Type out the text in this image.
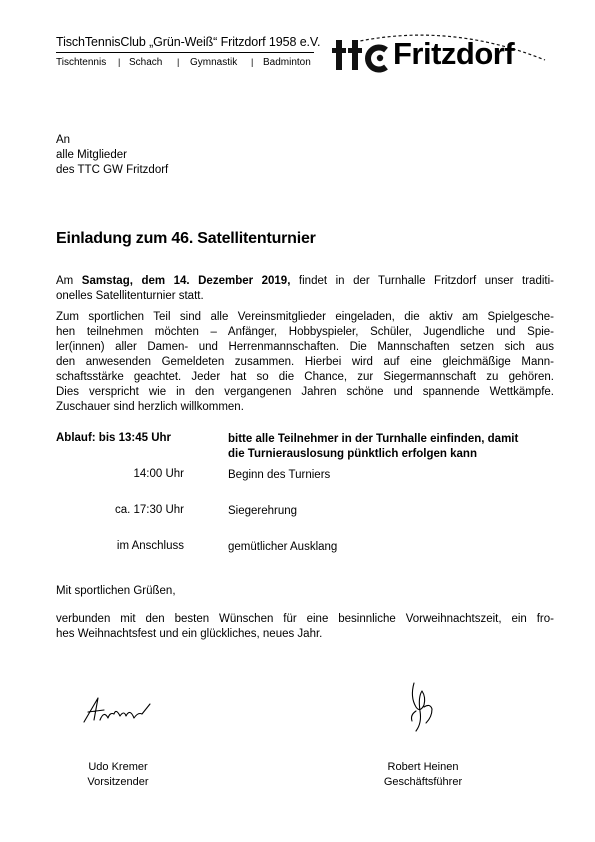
TischTennisClub „Grün-Weiß“ Fritzdorf 1958 e.V.
Tischtennis | Schach | Gymnastik | Badminton	Fritzdorf
An
alle Mitglieder
des TTC GW Fritzdorf
Einladung zum 46. Satellitenturnier
Am Samstag, dem 14. Dezember 2019, findet in der Turnhalle Fritzdorf unser traditi-
onelles Satellitenturnier statt.
Zum sportlichen Teil sind alle Vereinsmitglieder eingeladen, die aktiv am Spielgesche-
hen teilnehmen möchten – Anfänger, Hobbyspieler, Schüler, Jugendliche und Spie-
ler(innen) aller Damen- und Herrenmannschaften. Die Mannschaften setzen sich aus
den anwesenden Gemeldeten zusammen. Hierbei wird auf eine gleichmäßige Mann-
schaftsstärke geachtet. Jeder hat so die Chance, zur Siegermannschaft zu gehören.
Dies verspricht wie in den vergangenen Jahren schöne und spannende Wettkämpfe.
Zuschauer sind herzlich willkommen.
Ablauf: bis 13:45 Uhr	bitte alle Teilnehmer in der Turnhalle einfinden, damit
die Turnierauslosung pünktlich erfolgen kann
14:00 Uhr	Beginn des Turniers
ca. 17:30 Uhr	Siegerehrung
im Anschluss	gemütlicher Ausklang
Mit sportlichen Grüßen,
verbunden mit den besten Wünschen für eine besinnliche Vorweihnachtszeit, ein fro-
hes Weihnachtsfest und ein glückliches, neues Jahr.
Udo Kremer
Vorsitzender
Robert Heinen
Geschäftsführer
